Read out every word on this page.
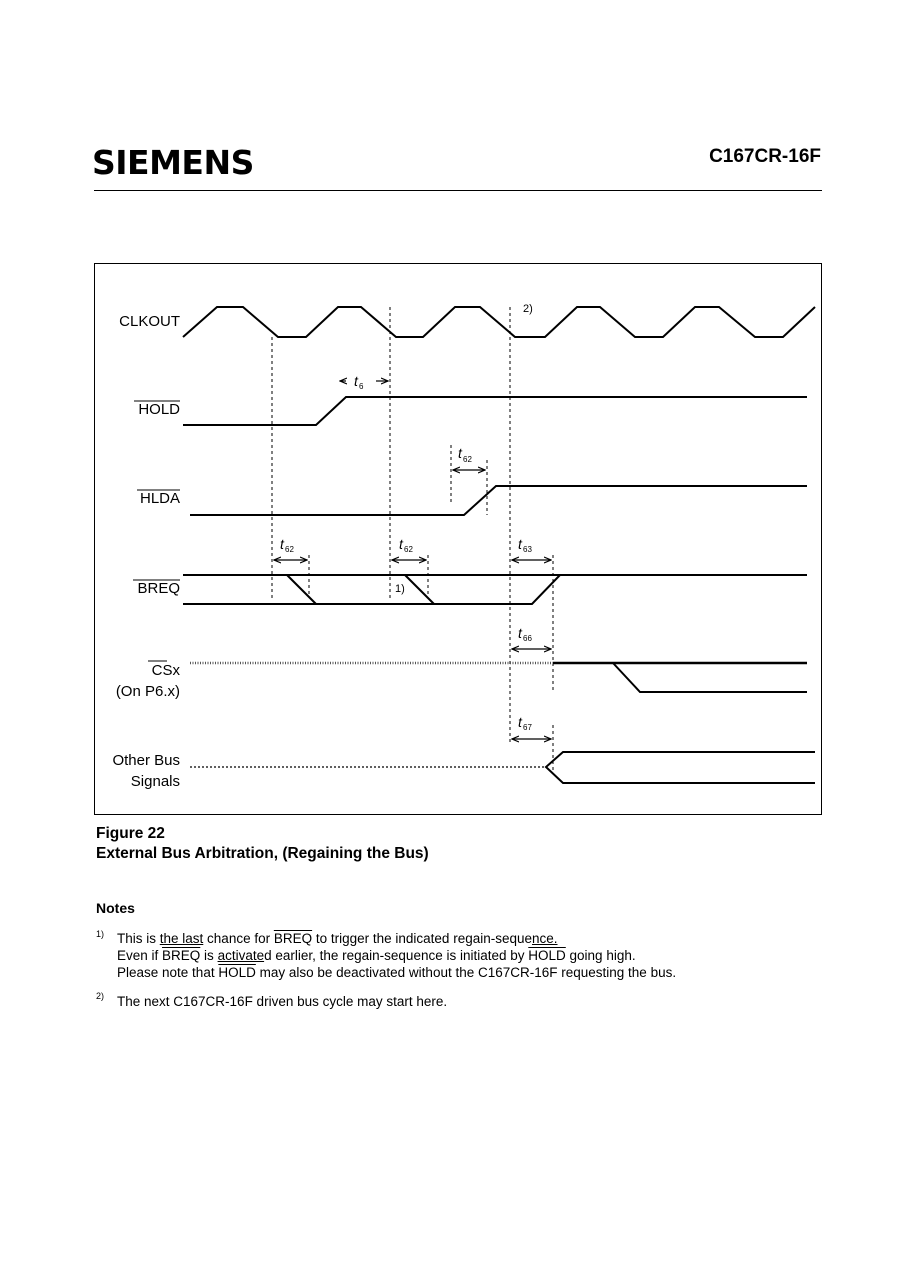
SIEMENS	C167CR-16F
CLKOUT
HOLD
HLDA
BREQ
CSx
(On P6.x)
Other Bus
Signals
t 6
t 62
t 62	t 62	t 63
t 66
t 67
1)
2)
Figure 22
External Bus Arbitration, (Regaining the Bus)
Notes
1) This is the last chance for BREQ to trigger the indicated regain-sequence.
Even if BREQ is activated earlier, the regain-sequence is initiated by HOLD going high.
Please note that HOLD may also be deactivated without the C167CR-16F requesting the bus.
2) The next C167CR-16F driven bus cycle may start here.
